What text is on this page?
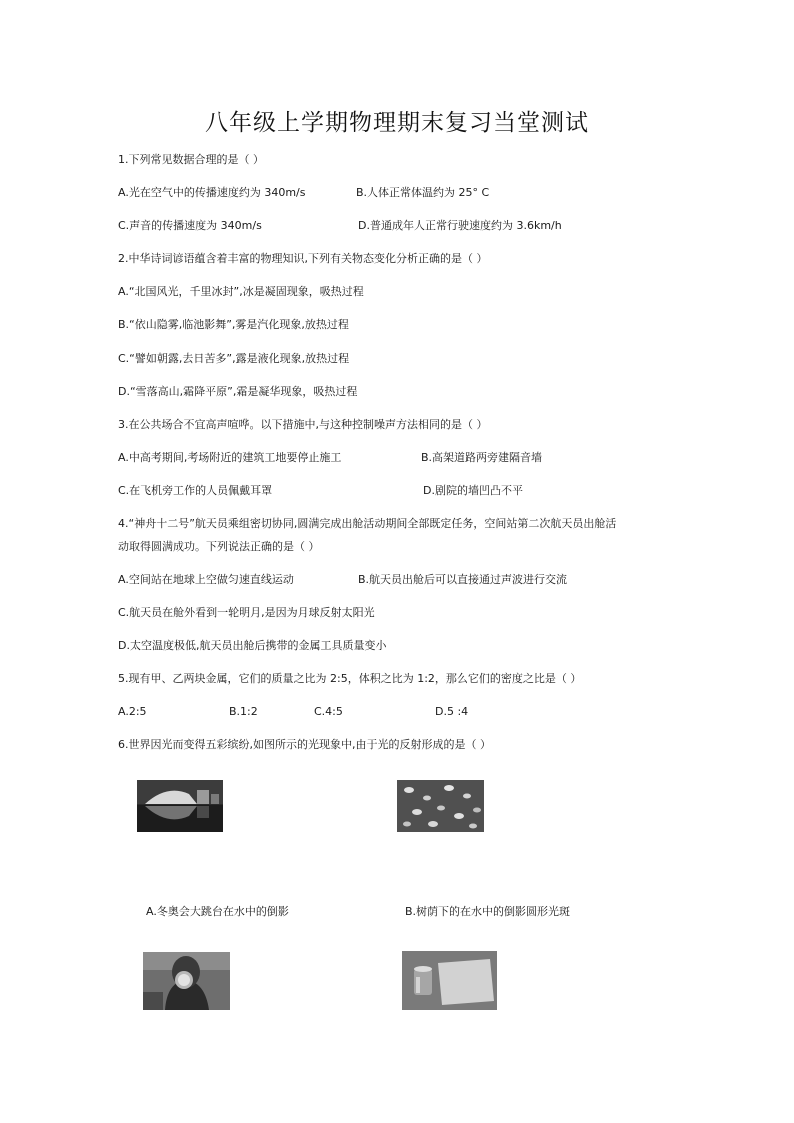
八年级上学期物理期末复习当堂测试
1.下列常见数据合理的是（ ）
A.光在空气中的传播速度约为 340m/s	B.人体正常体温约为 25° C
C.声音的传播速度为 340m/s	D.普通成年人正常行驶速度约为 3.6km/h
2.中华诗词谚语蕴含着丰富的物理知识,下列有关物态变化分析正确的是（ ）
A.“北国风光，千里冰封”,冰是凝固现象，吸热过程
B.“依山隐雾,临池影舞”,雾是汽化现象,放热过程
C.“譬如朝露,去日苦多”,露是液化现象,放热过程
D.“雪落高山,霜降平原”,霜是凝华现象，吸热过程
3.在公共场合不宜高声喧哗。以下措施中,与这种控制噪声方法相同的是（ ）
A.中高考期间,考场附近的建筑工地要停止施工	B.高架道路两旁建隔音墙
C.在飞机旁工作的人员佩戴耳罩	D.剧院的墙凹凸不平
4.“神舟十二号”航天员乘组密切协同,圆满完成出舱活动期间全部既定任务，空间站第二次航天员出舱活
动取得圆满成功。下列说法正确的是（ ）
A.空间站在地球上空做匀速直线运动	B.航天员出舱后可以直接通过声波进行交流
C.航天员在舱外看到一轮明月,是因为月球反射太阳光
D.太空温度极低,航天员出舱后携带的金属工具质量变小
5.现有甲、乙两块金属，它们的质量之比为 2:5，体积之比为 1:2，那么它们的密度之比是（ ）
A.2:5	B.1:2	C.4:5	D.5 :4
6.世界因光而变得五彩缤纷,如图所示的光现象中,由于光的反射形成的是（ ）
A.冬奥会大跳台在水中的倒影	B.树荫下的在水中的倒影圆形光斑
